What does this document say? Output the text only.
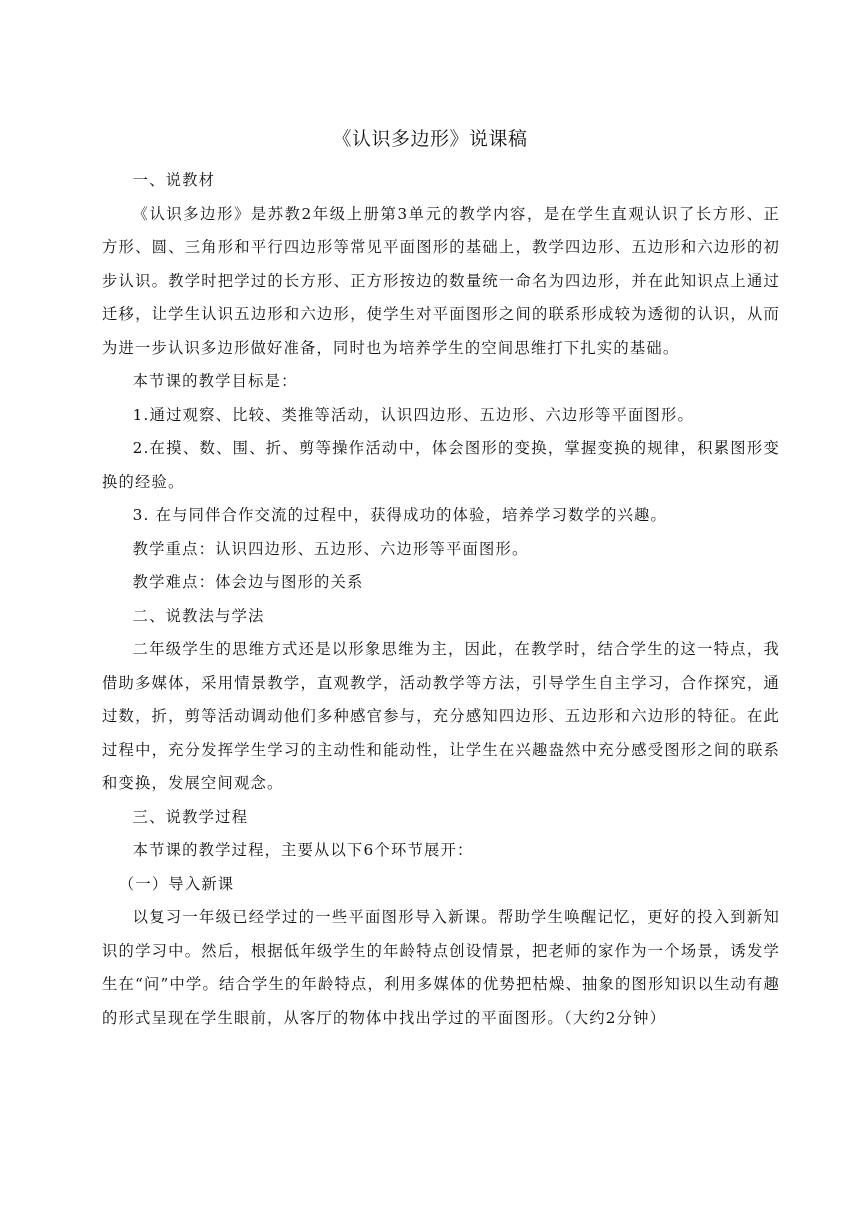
《认识多边形》说课稿

一、说教材

《认识多边形》是苏教2年级上册第3单元的教学内容，是在学生直观认识了长方形、正方形、圆、三角形和平行四边形等常见平面图形的基础上，教学四边形、五边形和六边形的初步认识。教学时把学过的长方形、正方形按边的数量统一命名为四边形，并在此知识点上通过迁移，让学生认识五边形和六边形，使学生对平面图形之间的联系形成较为透彻的认识，从而为进一步认识多边形做好准备，同时也为培养学生的空间思维打下扎实的基础。

本节课的教学目标是：

1.通过观察、比较、类推等活动，认识四边形、五边形、六边形等平面图形。

2.在摸、数、围、折、剪等操作活动中，体会图形的变换，掌握变换的规律，积累图形变换的经验。

3. 在与同伴合作交流的过程中，获得成功的体验，培养学习数学的兴趣。

教学重点：认识四边形、五边形、六边形等平面图形。

教学难点：体会边与图形的关系

二、说教法与学法

二年级学生的思维方式还是以形象思维为主，因此，在教学时，结合学生的这一特点，我借助多媒体，采用情景教学，直观教学，活动教学等方法，引导学生自主学习，合作探究，通过数，折，剪等活动调动他们多种感官参与，充分感知四边形、五边形和六边形的特征。在此过程中，充分发挥学生学习的主动性和能动性，让学生在兴趣盎然中充分感受图形之间的联系和变换，发展空间观念。

三、说教学过程

本节课的教学过程，主要从以下6个环节展开：

（一）导入新课

以复习一年级已经学过的一些平面图形导入新课。帮助学生唤醒记忆，更好的投入到新知识的学习中。然后，根据低年级学生的年龄特点创设情景，把老师的家作为一个场景，诱发学生在“问”中学。结合学生的年龄特点，利用多媒体的优势把枯燥、抽象的图形知识以生动有趣的形式呈现在学生眼前，从客厅的物体中找出学过的平面图形。（大约2分钟）
